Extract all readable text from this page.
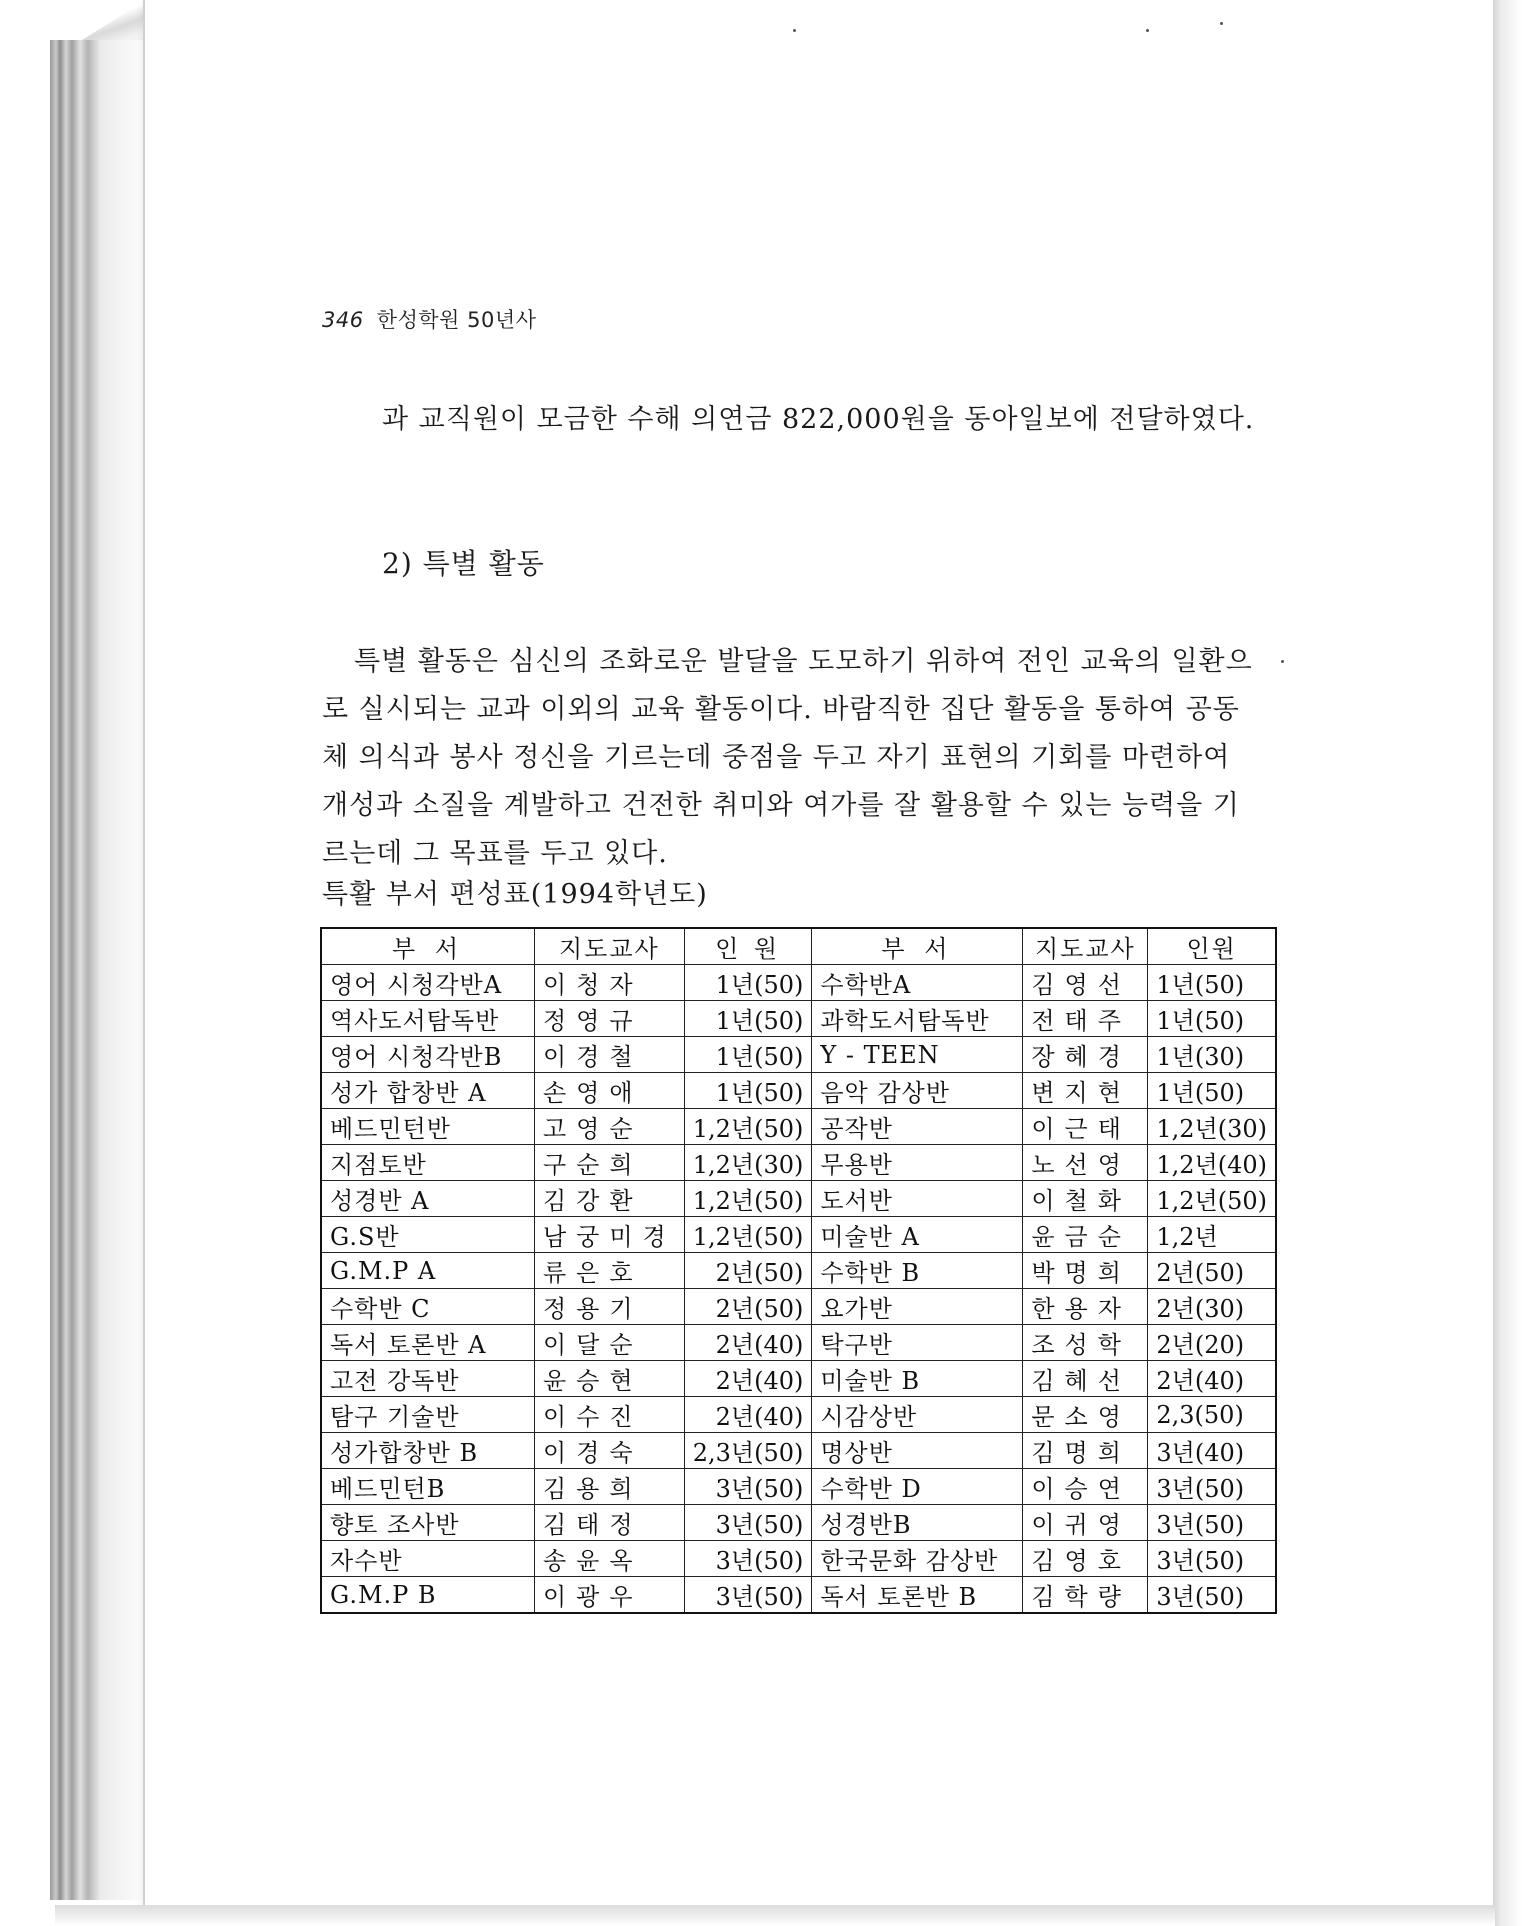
346 한성학원 50년사
과 교직원이 모금한 수해 의연금 822,000원을 동아일보에 전달하였다.
2) 특별 활동
특별 활동은 심신의 조화로운 발달을 도모하기 위하여 전인 교육의 일환으로 실시되는 교과 이외의 교육 활동이다. 바람직한 집단 활동을 통하여 공동체 의식과 봉사 정신을 기르는데 중점을 두고 자기 표현의 기회를 마련하여 개성과 소질을 계발하고 건전한 취미와 여가를 잘 활용할 수 있는 능력을 기르는데 그 목표를 두고 있다.
특활 부서 편성표(1994학년도)
부 서	지도교사	인 원	부 서	지도교사	인원
영어 시청각반A	이청자	1년(50)	수학반A	김영선	1년(50)
역사도서탐독반	정영규	1년(50)	과학도서탐독반	전태주	1년(50)
영어 시청각반B	이경철	1년(50)	Y - TEEN	장혜경	1년(30)
성가 합창반 A	손영애	1년(50)	음악 감상반	변지현	1년(50)
베드민턴반	고영순	1,2년(50)	공작반	이근태	1,2년(30)
지점토반	구순희	1,2년(30)	무용반	노선영	1,2년(40)
성경반 A	김강환	1,2년(50)	도서반	이철화	1,2년(50)
G.S반	남궁미경	1,2년(50)	미술반 A	윤금순	1,2년
G.M.P A	류은호	2년(50)	수학반 B	박명희	2년(50)
수학반 C	정용기	2년(50)	요가반	한용자	2년(30)
독서 토론반 A	이달순	2년(40)	탁구반	조성학	2년(20)
고전 강독반	윤승현	2년(40)	미술반 B	김혜선	2년(40)
탐구 기술반	이수진	2년(40)	시감상반	문소영	2,3(50)
성가합창반 B	이경숙	2,3년(50)	명상반	김명희	3년(40)
베드민턴B	김용희	3년(50)	수학반 D	이승연	3년(50)
향토 조사반	김태정	3년(50)	성경반B	이귀영	3년(50)
자수반	송윤옥	3년(50)	한국문화 감상반	김영호	3년(50)
G.M.P B	이광우	3년(50)	독서 토론반 B	김학량	3년(50)
